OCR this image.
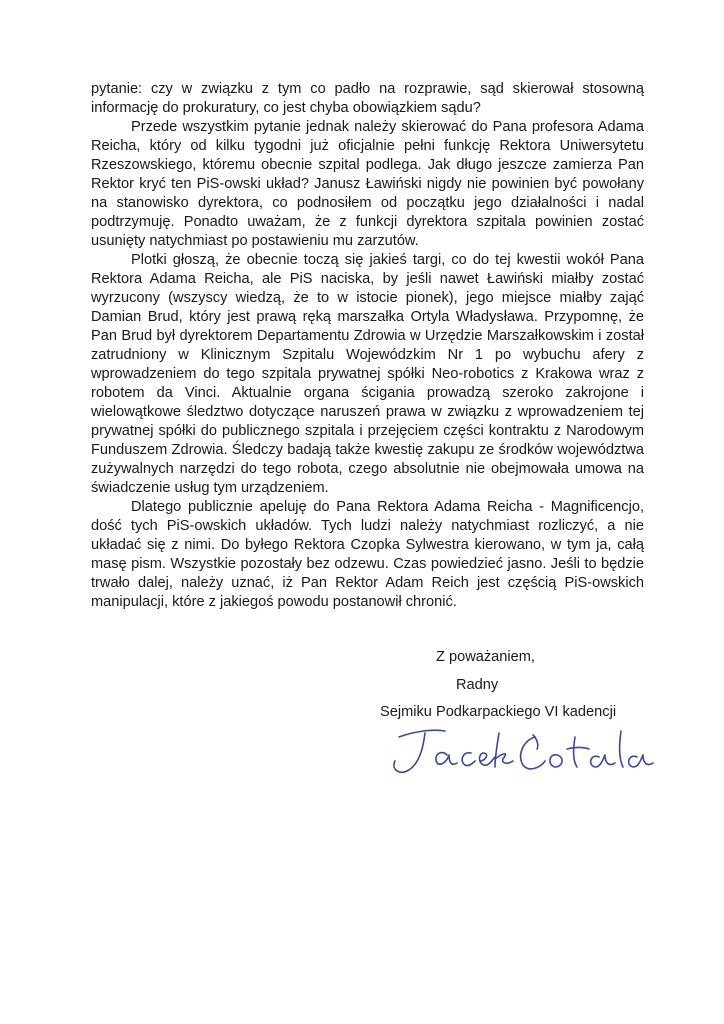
pytanie: czy w związku z tym co padło na rozprawie, sąd skierował stosowną informację do prokuratury, co jest chyba obowiązkiem sądu?

Przede wszystkim pytanie jednak należy skierować do Pana profesora Adama Reicha, który od kilku tygodni już oficjalnie pełni funkcję Rektora Uniwersytetu Rzeszowskiego, któremu obecnie szpital podlega. Jak długo jeszcze zamierza Pan Rektor kryć ten PiS-owski układ? Janusz Ławiński nigdy nie powinien być powołany na stanowisko dyrektora, co podnosiłem od początku jego działalności i nadal podtrzymuję. Ponadto uważam, że z funkcji dyrektora szpitala powinien zostać usunięty natychmiast po postawieniu mu zarzutów.

Plotki głoszą, że obecnie toczą się jakieś targi, co do tej kwestii wokół Pana Rektora Adama Reicha, ale PiS naciska, by jeśli nawet Ławiński miałby zostać wyrzucony (wszyscy wiedzą, że to w istocie pionek), jego miejsce miałby zająć Damian Brud, który jest prawą ręką marszałka Ortyla Władysława. Przypomnę, że Pan Brud był dyrektorem Departamentu Zdrowia w Urzędzie Marszałkowskim i został zatrudniony w Klinicznym Szpitalu Wojewódzkim Nr 1 po wybuchu afery z wprowadzeniem do tego szpitala prywatnej spółki Neo-robotics z Krakowa wraz z robotem da Vinci. Aktualnie organa ścigania prowadzą szeroko zakrojone i wielowątkowe śledztwo dotyczące naruszeń prawa w związku z wprowadzeniem tej prywatnej spółki do publicznego szpitala i przejęciem części kontraktu z Narodowym Funduszem Zdrowia. Śledczy badają także kwestię zakupu ze środków województwa zużywalnych narzędzi do tego robota, czego absolutnie nie obejmowała umowa na świadczenie usług tym urządzeniem.

Dlatego publicznie apeluję do Pana Rektora Adama Reicha - Magnificencjo, dość tych PiS-owskich układów. Tych ludzi należy natychmiast rozliczyć, a nie układać się z nimi. Do byłego Rektora Czopka Sylwestra kierowano, w tym ja, całą masę pism. Wszystkie pozostały bez odzewu. Czas powiedzieć jasno. Jeśli to będzie trwało dalej, należy uznać, iż Pan Rektor Adam Reich jest częścią PiS-owskich manipulacji, które z jakiegoś powodu postanowił chronić.

Z poważaniem,
Radny
Sejmiku Podkarpackiego VI kadencji
